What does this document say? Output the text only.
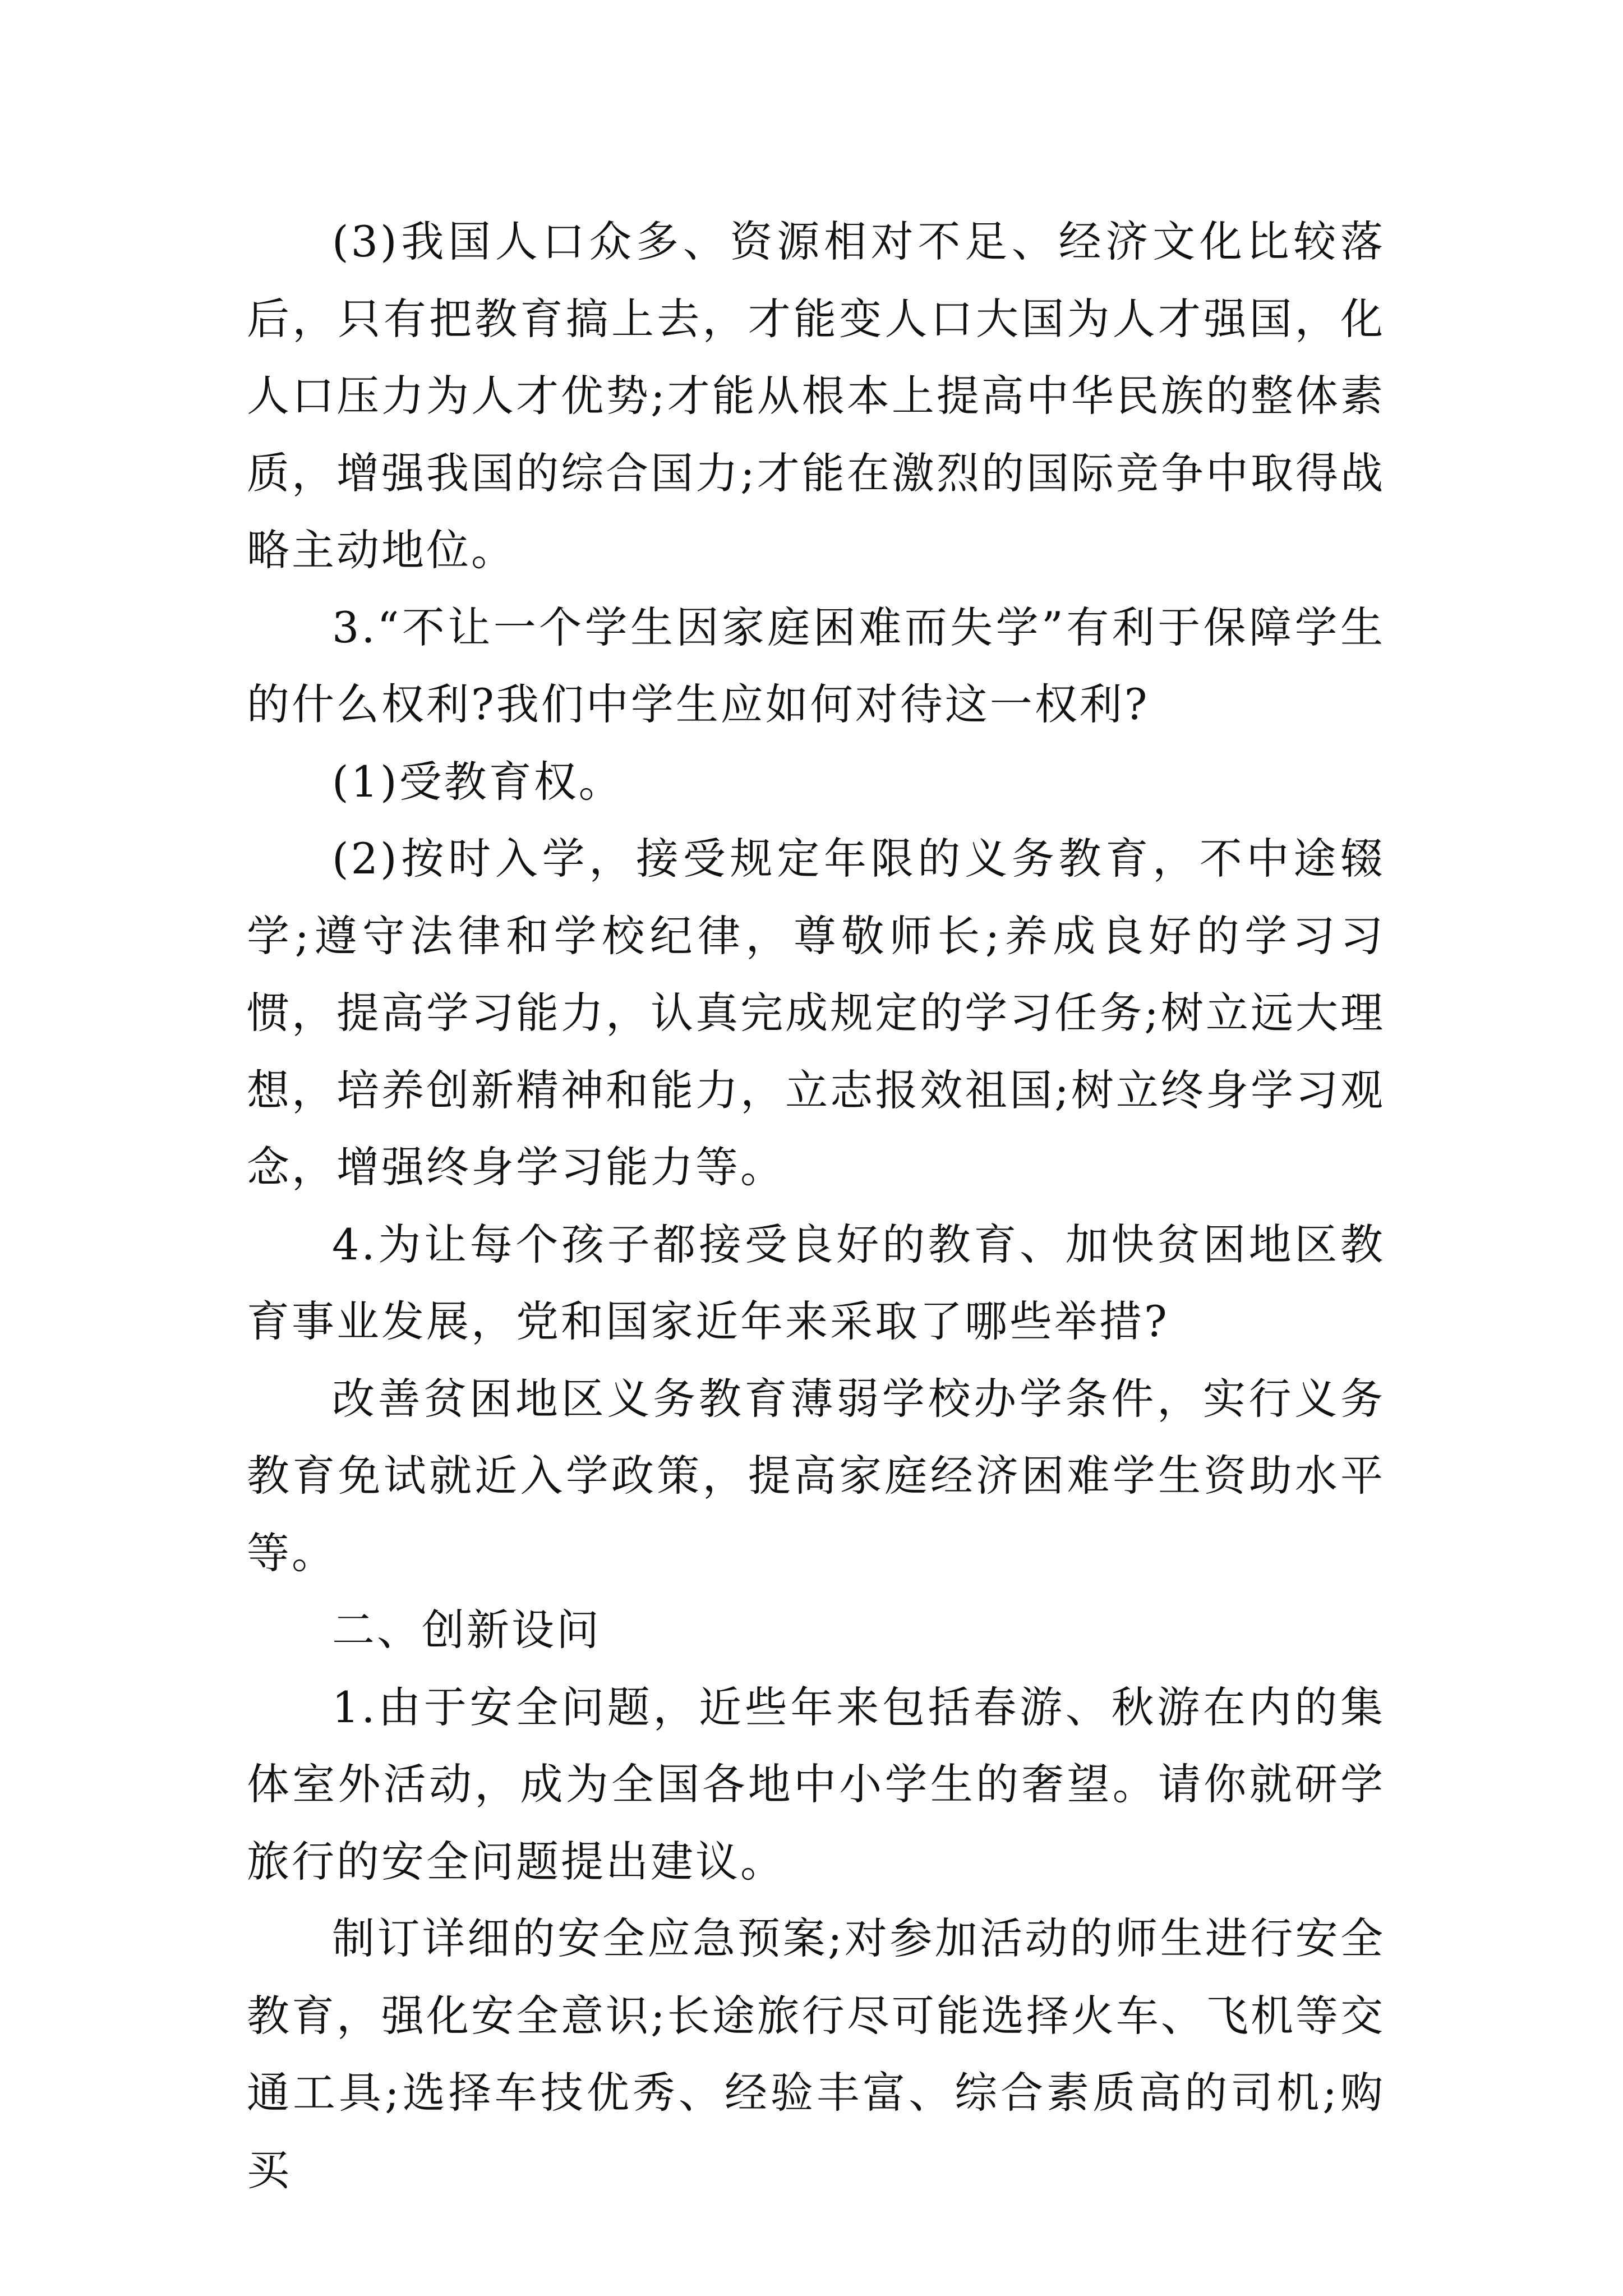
(3)我国人口众多、资源相对不足、经济文化比较落后，只有把教育搞上去，才能变人口大国为人才强国，化人口压力为人才优势;才能从根本上提高中华民族的整体素质，增强我国的综合国力;才能在激烈的国际竞争中取得战略主动地位。

3.“不让一个学生因家庭困难而失学”有利于保障学生的什么权利?我们中学生应如何对待这一权利?

(1)受教育权。

(2)按时入学，接受规定年限的义务教育，不中途辍学;遵守法律和学校纪律，尊敬师长;养成良好的学习习惯，提高学习能力，认真完成规定的学习任务;树立远大理想，培养创新精神和能力，立志报效祖国;树立终身学习观念，增强终身学习能力等。

4.为让每个孩子都接受良好的教育、加快贫困地区教育事业发展，党和国家近年来采取了哪些举措?

改善贫困地区义务教育薄弱学校办学条件，实行义务教育免试就近入学政策，提高家庭经济困难学生资助水平等。

二、创新设问

1.由于安全问题，近些年来包括春游、秋游在内的集体室外活动，成为全国各地中小学生的奢望。请你就研学旅行的安全问题提出建议。

制订详细的安全应急预案;对参加活动的师生进行安全教育，强化安全意识;长途旅行尽可能选择火车、飞机等交通工具;选择车技优秀、经验丰富、综合素质高的司机;购买
